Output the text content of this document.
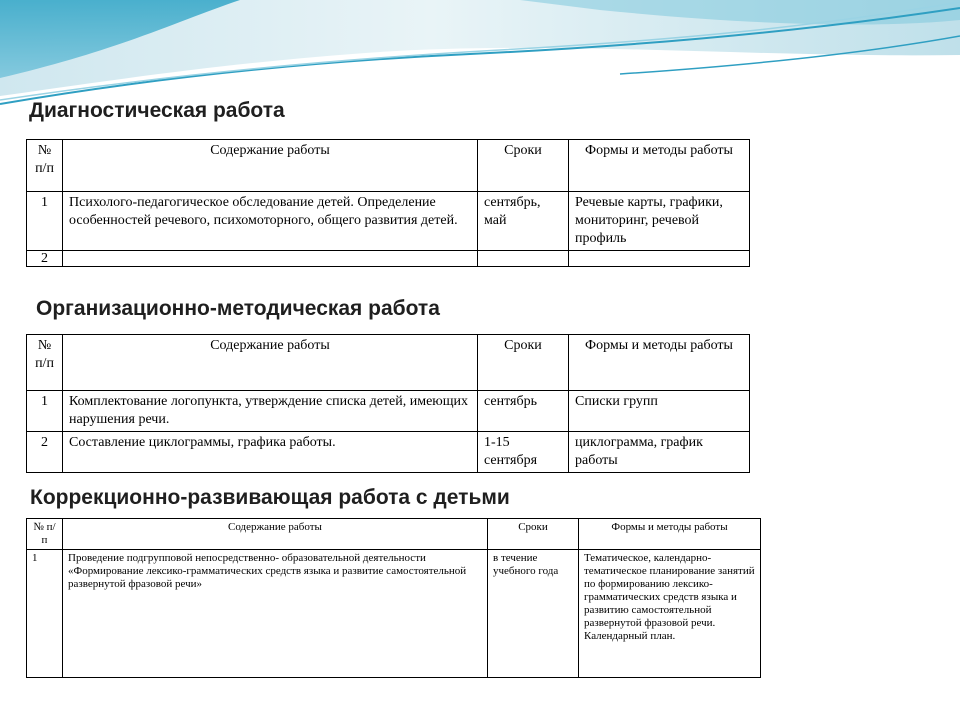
Диагностическая работа
№ п/п	Содержание работы	Сроки	Формы и методы работы
1	Психолого-педагогическое обследование детей. Определение особенностей речевого, психомоторного, общего развития детей.	сентябрь, май	Речевые карты, графики, мониторинг, речевой профиль
2			
Организационно-методическая работа
№ п/п	Содержание работы	Сроки	Формы и методы работы
1	Комплектование логопункта, утверждение списка детей, имеющих нарушения речи.	сентябрь	Списки групп
2	Составление циклограммы, графика работы.	1-15 сентября	циклограмма, график работы
Коррекционно-развивающая работа с детьми
№ п/п	Содержание работы	Сроки	Формы и методы работы
1	Проведение подгрупповой непосредственно- образовательной деятельности «Формирование лексико-грамматических средств языка и развитие самостоятельной развернутой фразовой речи»	в течение учебного года	Тематическое, календарно-тематическое планирование занятий по формированию лексико-грамматических средств языка и развитию самостоятельной развернутой фразовой речи. Календарный план.
